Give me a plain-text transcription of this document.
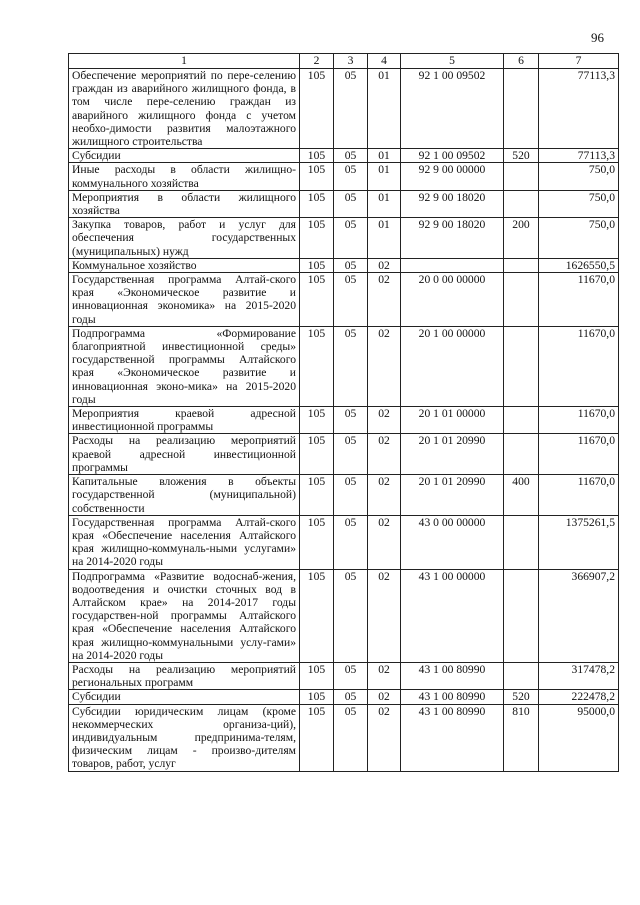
96
1	2	3	4	5	6	7
Обеспечение мероприятий по пере-селению граждан из аварийного жилищного фонда, в том числе пере-селению граждан из аварийного жилищного фонда с учетом необхо-димости развития малоэтажного жилищного строительства	105	05	01	92 1 00 09502		77113,3
Субсидии	105	05	01	92 1 00 09502	520	77113,3
Иные расходы в области жилищно-коммунального хозяйства	105	05	01	92 9 00 00000		750,0
Мероприятия в области жилищного хозяйства	105	05	01	92 9 00 18020		750,0
Закупка товаров, работ и услуг для обеспечения государственных (муниципальных) нужд	105	05	01	92 9 00 18020	200	750,0
Коммунальное хозяйство	105	05	02			1626550,5
Государственная программа Алтай-ского края «Экономическое развитие и инновационная экономика» на 2015-2020 годы	105	05	02	20 0 00 00000		11670,0
Подпрограмма «Формирование благоприятной инвестиционной среды» государственной программы Алтайского края «Экономическое развитие и инновационная эконо-мика» на 2015-2020 годы	105	05	02	20 1 00 00000		11670,0
Мероприятия краевой адресной инвестиционной программы	105	05	02	20 1 01 00000		11670,0
Расходы на реализацию мероприятий краевой адресной инвестиционной программы	105	05	02	20 1 01 20990		11670,0
Капитальные вложения в объекты государственной (муниципальной) собственности	105	05	02	20 1 01 20990	400	11670,0
Государственная программа Алтай-ского края «Обеспечение населения Алтайского края жилищно-коммуналь-ными услугами» на 2014-2020 годы	105	05	02	43 0 00 00000		1375261,5
Подпрограмма «Развитие водоснаб-жения, водоотведения и очистки сточных вод в Алтайском крае» на 2014-2017 годы государствен-ной программы Алтайского края «Обеспечение населения Алтайского края жилищно-коммунальными услу-гами» на 2014-2020 годы	105	05	02	43 1 00 00000		366907,2
Расходы на реализацию мероприятий региональных программ	105	05	02	43 1 00 80990		317478,2
Субсидии	105	05	02	43 1 00 80990	520	222478,2
Субсидии юридическим лицам (кроме некоммерческих организа-ций), индивидуальным предпринима-телям, физическим лицам - произво-дителям товаров, работ, услуг	105	05	02	43 1 00 80990	810	95000,0
